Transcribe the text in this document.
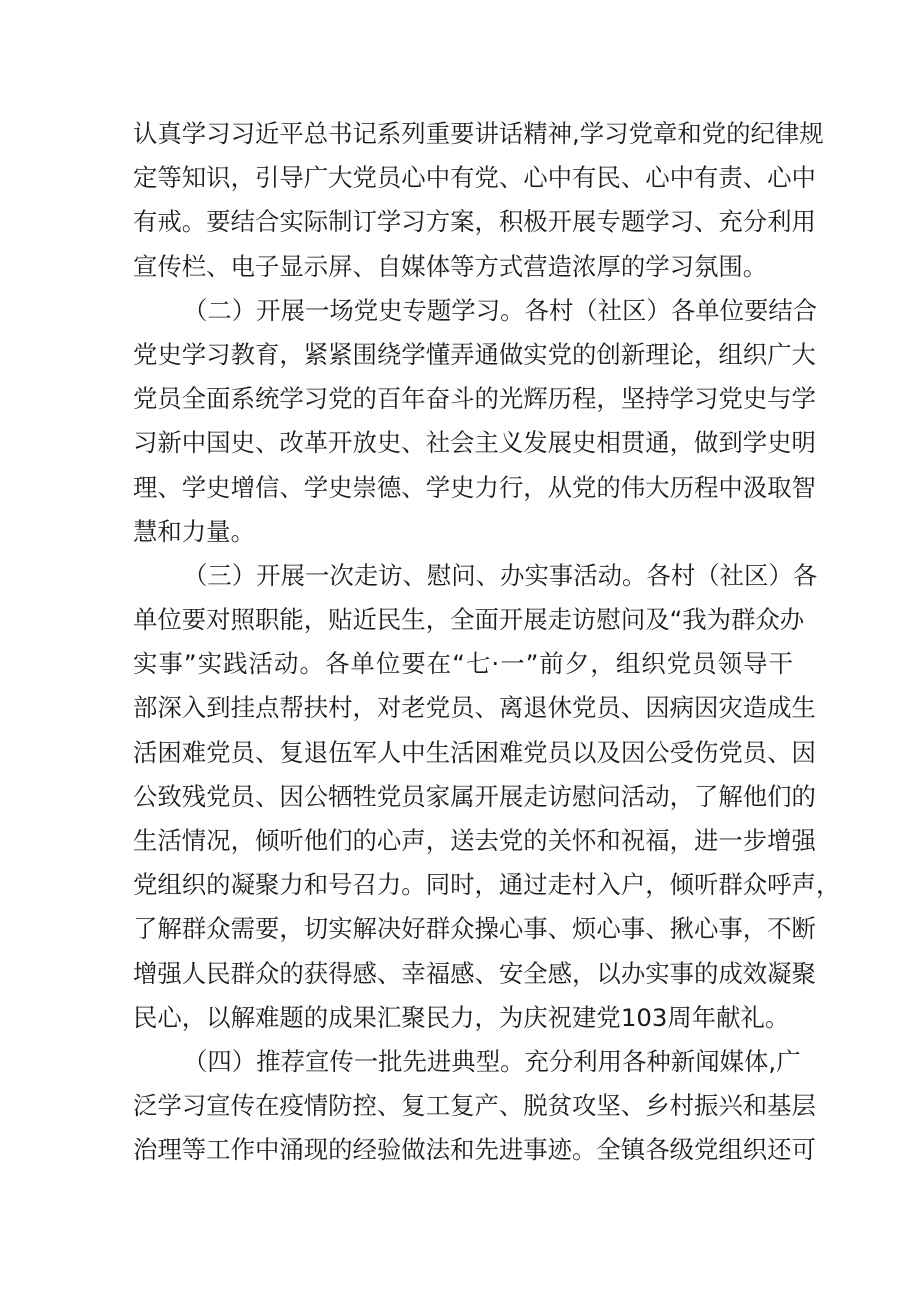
认真学习习近平总书记系列重要讲话精神,学习党章和党的纪律规
定等知识，引导广大党员心中有党、心中有民、心中有责、心中
有戒。要结合实际制订学习方案，积极开展专题学习、充分利用
宣传栏、电子显示屏、自媒体等方式营造浓厚的学习氛围。
（二）开展一场党史专题学习。各村（社区）各单位要结合
党史学习教育，紧紧围绕学懂弄通做实党的创新理论，组织广大
党员全面系统学习党的百年奋斗的光辉历程，坚持学习党史与学
习新中国史、改革开放史、社会主义发展史相贯通，做到学史明
理、学史增信、学史崇德、学史力行，从党的伟大历程中汲取智
慧和力量。
（三）开展一次走访、慰问、办实事活动。各村（社区）各
单位要对照职能，贴近民生，全面开展走访慰问及“我为群众办
实事”实践活动。各单位要在“七·一”前夕，组织党员领导干
部深入到挂点帮扶村，对老党员、离退休党员、因病因灾造成生
活困难党员、复退伍军人中生活困难党员以及因公受伤党员、因
公致残党员、因公牺牲党员家属开展走访慰问活动，了解他们的
生活情况，倾听他们的心声，送去党的关怀和祝福，进一步增强
党组织的凝聚力和号召力。同时，通过走村入户，倾听群众呼声，
了解群众需要，切实解决好群众操心事、烦心事、揪心事，不断
增强人民群众的获得感、幸福感、安全感，以办实事的成效凝聚
民心，以解难题的成果汇聚民力，为庆祝建党103周年献礼。
（四）推荐宣传一批先进典型。充分利用各种新闻媒体,广
泛学习宣传在疫情防控、复工复产、脱贫攻坚、乡村振兴和基层
治理等工作中涌现的经验做法和先进事迹。全镇各级党组织还可
